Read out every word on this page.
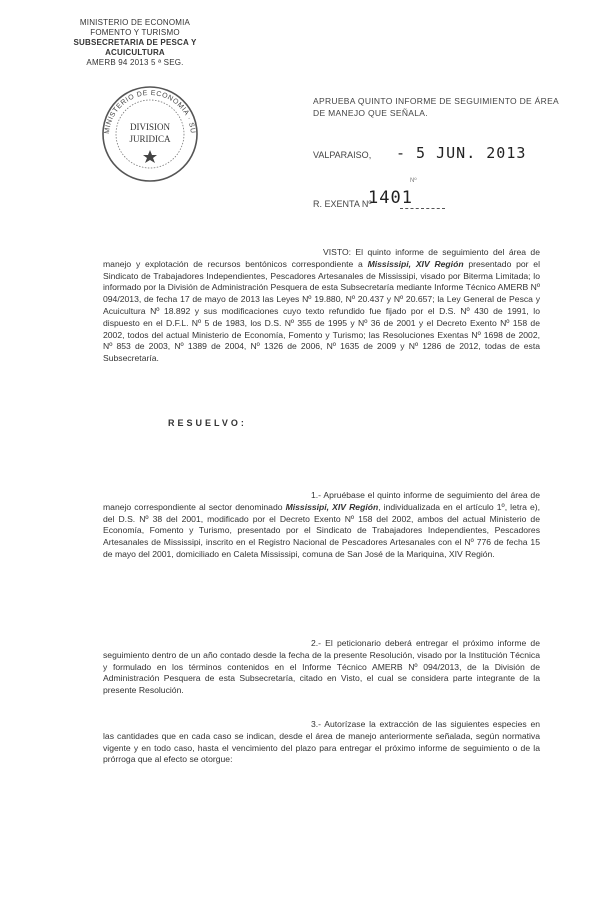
MINISTERIO DE ECONOMIA
FOMENTO Y TURISMO
SUBSECRETARIA DE PESCA Y ACUICULTURA
AMERB 94 2013 5 ª SEG.
MINISTERIO DE ECONOMIA · SU
DIVISION
JURIDICA
APRUEBA QUINTO INFORME DE SEGUIMIENTO DE ÁREA DE MANEJO QUE SEÑALA.
VALPARAISO, - 5 JUN. 2013
Nº
R. EXENTA Nº
1401
VISTO: El quinto informe de seguimiento del área de manejo y explotación de recursos bentónicos correspondiente a Mississipi, XIV Región presentado por el Sindicato de Trabajadores Independientes, Pescadores Artesanales de Mississipi, visado por Biterma Limitada; lo informado por la División de Administración Pesquera de esta Subsecretaría mediante Informe Técnico AMERB Nº 094/2013, de fecha 17 de mayo de 2013 las Leyes Nº 19.880, Nº 20.437 y Nº 20.657; la Ley General de Pesca y Acuicultura Nº 18.892 y sus modificaciones cuyo texto refundido fue fijado por el D.S. Nº 430 de 1991, lo dispuesto en el D.F.L. Nº 5 de 1983, los D.S. Nº 355 de 1995 y Nº 36 de 2001 y el Decreto Exento Nº 158 de 2002, todos del actual Ministerio de Economía, Fomento y Turismo; las Resoluciones Exentas Nº 1698 de 2002, Nº 853 de 2003, Nº 1389 de 2004, Nº 1326 de 2006, Nº 1635 de 2009 y Nº 1286 de 2012, todas de esta Subsecretaría.
RESUELVO:
1.- Apruébase el quinto informe de seguimiento del área de manejo correspondiente al sector denominado Mississipi, XIV Región, individualizada en el artículo 1º, letra e), del D.S. Nº 38 del 2001, modificado por el Decreto Exento Nº 158 del 2002, ambos del actual Ministerio de Economía, Fomento y Turismo, presentado por el Sindicato de Trabajadores Independientes, Pescadores Artesanales de Mississipi, inscrito en el Registro Nacional de Pescadores Artesanales con el Nº 776 de fecha 15 de mayo del 2001, domiciliado en Caleta Mississipi, comuna de San José de la Mariquina, XIV Región.
2.- El peticionario deberá entregar el próximo informe de seguimiento dentro de un año contado desde la fecha de la presente Resolución, visado por la Institución Técnica y formulado en los términos contenidos en el Informe Técnico AMERB Nº 094/2013, de la División de Administración Pesquera de esta Subsecretaría, citado en Visto, el cual se considera parte integrante de la presente Resolución.
3.- Autorízase la extracción de las siguientes especies en las cantidades que en cada caso se indican, desde el área de manejo anteriormente señalada, según normativa vigente y en todo caso, hasta el vencimiento del plazo para entregar el próximo informe de seguimiento o de la prórroga que al efecto se otorgue:
